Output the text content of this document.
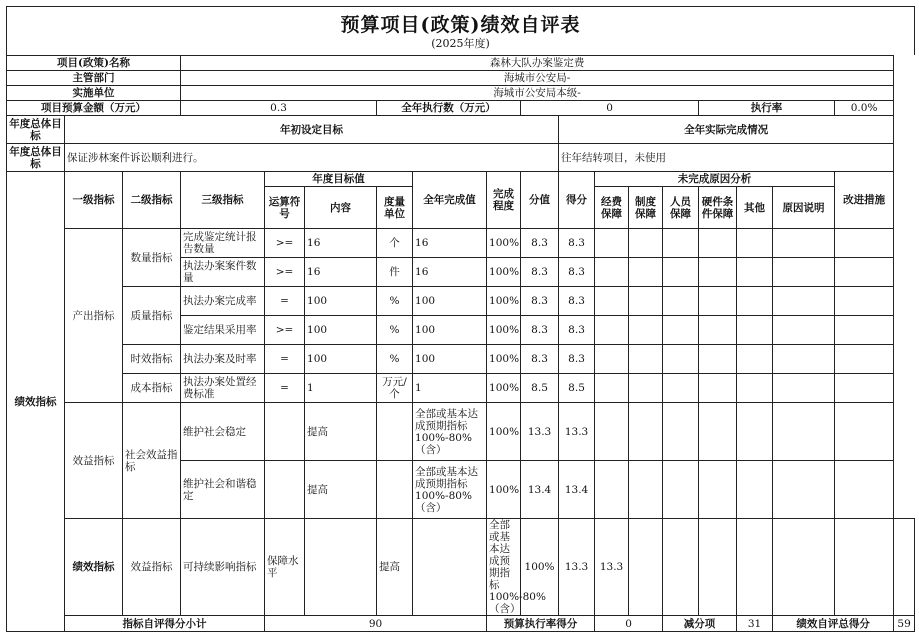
预算项目(政策)绩效自评表
(2025年度)
项目(政策)名称			森林大队办案鉴定费															
主管部门			海城市公安局-															
实施单位			海城市公安局本级-															
项目预算金额（万元）			0.3			全年执行数（万元）			0					执行率			0.0%	
年度总体目标	年初设定目标									全年实际完成情况								
年度总体目标	保证涉林案件诉讼顺利进行。									往年结转项目，未使用								
绩效指标	一级指标	二级指标	三级指标	年度目标值			全年完成值	完成程度	分值	得分	未完成原因分析						改进措施	
				运算符号	内容	度量单位					经费保障	制度保障	人员保障	硬件条件保障	其他	原因说明		
	产出指标	数量指标	完成鉴定统计报告数量	>=	16	个	16	100%	8.3	8.3								
			执法办案案件数量	>=	16	件	16	100%	8.3	8.3								
		质量指标	执法办案完成率	=	100	%	100	100%	8.3	8.3								
			鉴定结果采用率	>=	100	%	100	100%	8.3	8.3								
		时效指标	执法办案及时率	=	100	%	100	100%	8.3	8.3								
		成本指标	执法办案处置经费标准	=	1	万元/个	1	100%	8.5	8.5								
	效益指标	社会效益指标	维护社会稳定		提高		全部或基本达成预期指标100%-80%（含）	100%	13.3	13.3								
			维护社会和谐稳定		提高		全部或基本达成预期指标100%-80%（含）	100%	13.4	13.4								
	绩效指标	效益指标	可持续影响指标	保障水平		提高		全部或基本达成预期指标100%-80%（含）	100%	13.3	13.3							
	指标自评得分小计			90				预算执行率得分			0		减分项		31	绩效自评总得分		59
